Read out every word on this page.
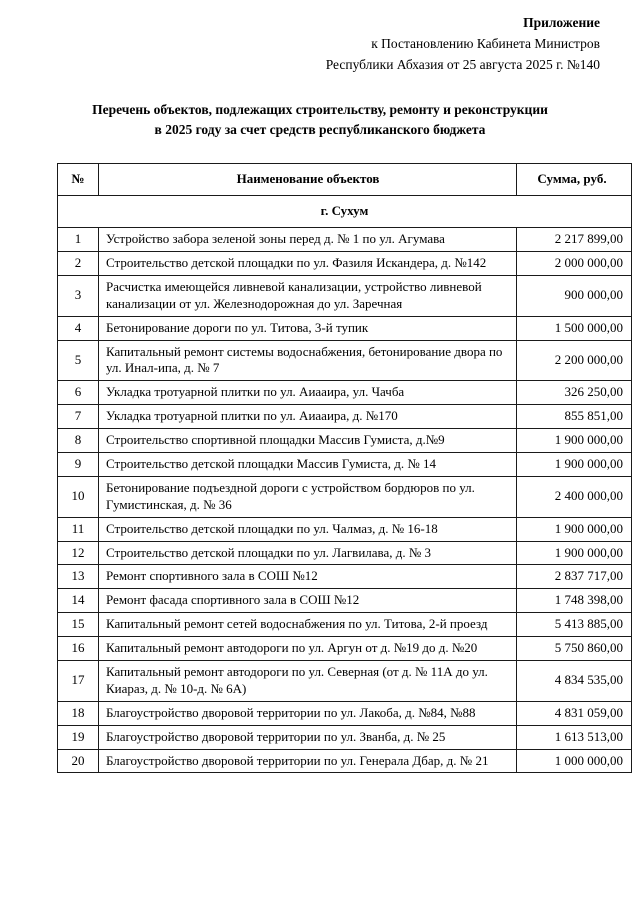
Приложение
к Постановлению Кабинета Министров
Республики Абхазия от 25 августа 2025 г. №140
Перечень объектов, подлежащих строительству, ремонту и реконструкции
в 2025 году за счет средств республиканского бюджета
№	Наименование объектов	Сумма, руб.
г. Сухум		
1	Устройство забора зеленой зоны перед д. № 1 по ул. Агумава	2 217 899,00
2	Строительство детской площадки по ул. Фазиля Искандера, д. №142	2 000 000,00
3	Расчистка имеющейся ливневой канализации, устройство ливневой канализации от ул. Железнодорожная до ул. Заречная	900 000,00
4	Бетонирование дороги по ул. Титова, 3-й тупик	1 500 000,00
5	Капитальный ремонт системы водоснабжения, бетонирование двора по ул. Инал-ипа, д. № 7	2 200 000,00
6	Укладка тротуарной плитки по ул. Аиааира, ул. Чачба	326 250,00
7	Укладка тротуарной плитки по ул. Аиааира, д. №170	855 851,00
8	Строительство спортивной площадки Массив Гумиста, д.№9	1 900 000,00
9	Строительство детской площадки Массив Гумиста, д. № 14	1 900 000,00
10	Бетонирование подъездной дороги с устройством бордюров по ул. Гумистинская, д. № 36	2 400 000,00
11	Строительство детской площадки по ул. Чалмаз, д. № 16-18	1 900 000,00
12	Строительство детской площадки по ул. Лагвилава, д. № 3	1 900 000,00
13	Ремонт спортивного зала в СОШ №12	2 837 717,00
14	Ремонт фасада спортивного зала в СОШ №12	1 748 398,00
15	Капитальный ремонт сетей водоснабжения по ул. Титова, 2-й проезд	5 413 885,00
16	Капитальный ремонт автодороги по ул. Аргун от д. №19 до д. №20	5 750 860,00
17	Капитальный ремонт автодороги по ул. Северная (от д. № 11А до ул. Киараз, д. № 10-д. № 6А)	4 834 535,00
18	Благоустройство дворовой территории по ул. Лакоба, д. №84, №88	4 831 059,00
19	Благоустройство дворовой территории по ул. Званба, д. № 25	1 613 513,00
20	Благоустройство дворовой территории по ул. Генерала Дбар, д. № 21	1 000 000,00
